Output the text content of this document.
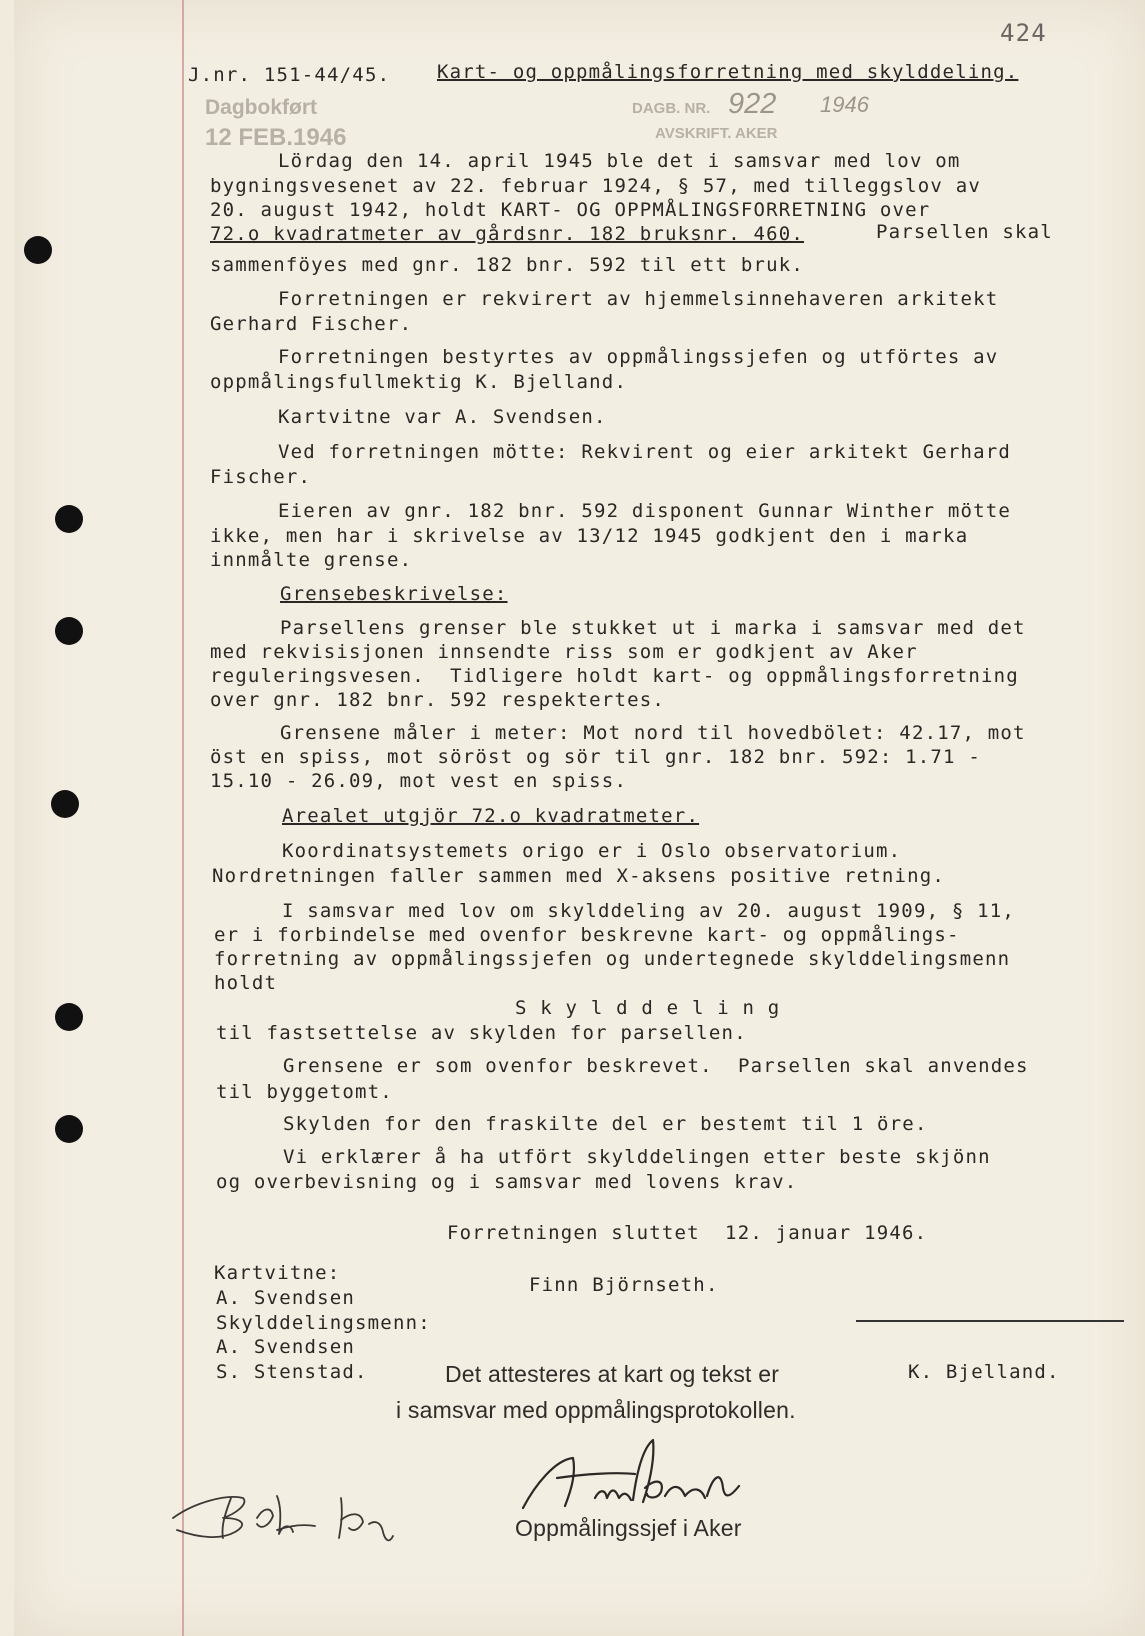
424
J.nr. 151-44/45. Kart- og oppmålingsforretning med skylddeling.
Dagbokført
12 FEB.1946
DAGB. NR. 922 1946
AVSKRIFT. AKER
Lördag den 14. april 1945 ble det i samsvar med lov om
bygningsvesenet av 22. februar 1924, § 57, med tilleggslov av
20. august 1942, holdt KART- OG OPPMÅLINGSFORRETNING over
72.o kvadratmeter av gårdsnr. 182 bruksnr. 460.	Parsellen skal
sammenföyes med gnr. 182 bnr. 592 til ett bruk.
Forretningen er rekvirert av hjemmelsinnehaveren arkitekt
Gerhard Fischer.
Forretningen bestyrtes av oppmålingssjefen og utförtes av
oppmålingsfullmektig K. Bjelland.
Kartvitne var A. Svendsen.
Ved forretningen mötte: Rekvirent og eier arkitekt Gerhard
Fischer.
Eieren av gnr. 182 bnr. 592 disponent Gunnar Winther mötte
ikke, men har i skrivelse av 13/12 1945 godkjent den i marka
innmålte grense.
Grensebeskrivelse:
Parsellens grenser ble stukket ut i marka i samsvar med det
med rekvisisjonen innsendte riss som er godkjent av Aker
reguleringsvesen.  Tidligere holdt kart- og oppmålingsforretning
over gnr. 182 bnr. 592 respektertes.
Grensene måler i meter: Mot nord til hovedbölet: 42.17, mot
öst en spiss, mot söröst og sör til gnr. 182 bnr. 592: 1.71 -
15.10 - 26.09, mot vest en spiss.
Arealet utgjör 72.o kvadratmeter.
Koordinatsystemets origo er i Oslo observatorium.
Nordretningen faller sammen med X-aksens positive retning.
I samsvar med lov om skylddeling av 20. august 1909, § 11,
er i forbindelse med ovenfor beskrevne kart- og oppmålings-
forretning av oppmålingssjefen og undertegnede skylddelingsmenn
holdt
S k y l d d e l i n g
til fastsettelse av skylden for parsellen.
Grensene er som ovenfor beskrevet.  Parsellen skal anvendes
til byggetomt.
Skylden for den fraskilte del er bestemt til 1 öre.
Vi erklærer å ha utfört skylddelingen etter beste skjönn
og overbevisning og i samsvar med lovens krav.
Forretningen sluttet  12. januar 1946.
Kartvitne:
Finn Björnseth.
A. Svendsen
Skylddelingsmenn:
A. Svendsen
S. Stenstad.	K. Bjelland.
Det attesteres at kart og tekst er
i samsvar med oppmålingsprotokollen.
Oppmålingssjef i Aker
